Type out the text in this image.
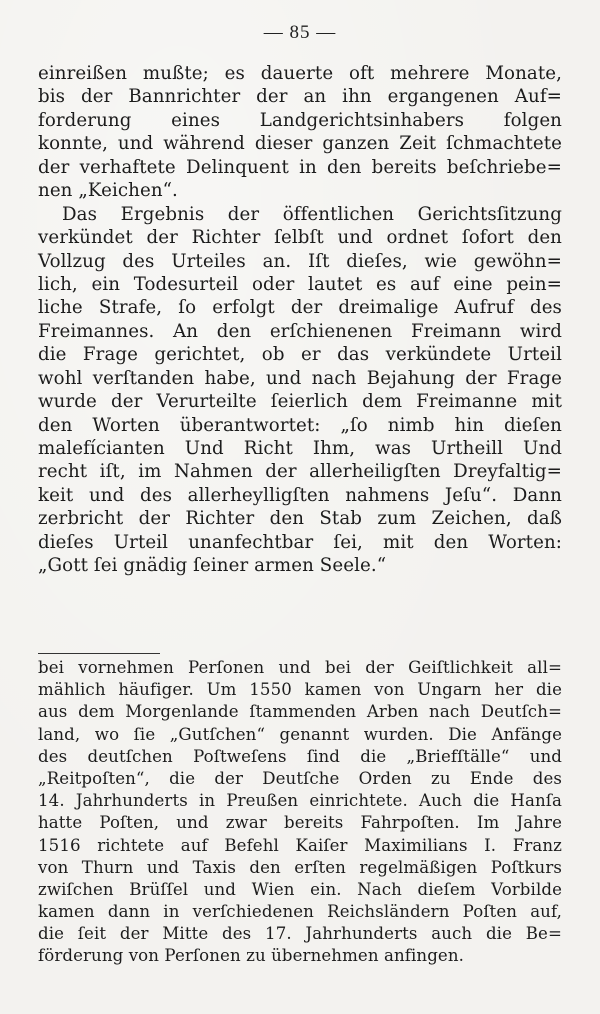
— 85 —
einreißen mußte; es dauerte oft mehrere Monate,
bis der Bannrichter der an ihn ergangenen Auf=
forderung eines Landgerichtsinhabers folgen
konnte, und während dieser ganzen Zeit ſchmachtete
der verhaftete Delinquent in den bereits beſchriebe=
nen „Keichen“.
Das Ergebnis der öffentlichen Gerichtsſitzung
verkündet der Richter ſelbſt und ordnet ſofort den
Vollzug des Urteiles an. Iſt dieſes, wie gewöhn=
lich, ein Todesurteil oder lautet es auf eine pein=
liche Strafe, ſo erfolgt der dreimalige Aufruf des
Freimannes. An den erſchienenen Freimann wird
die Frage gerichtet, ob er das verkündete Urteil
wohl verſtanden habe, und nach Bejahung der Frage
wurde der Verurteilte ſeierlich dem Freimanne mit
den Worten überantwortet: „ſo nimb hin dieſen
malefícianten Und Richt Ihm, was Urtheill Und
recht iſt, im Nahmen der allerheiligſten Dreyfaltig=
keit und des allerheylligſten nahmens Jeſu“. Dann
zerbricht der Richter den Stab zum Zeichen, daß
dieſes Urteil unanfechtbar ſei, mit den Worten:
„Gott ſei gnädig ſeiner armen Seele.“
bei vornehmen Perſonen und bei der Geiſtlichkeit all=
mählich häufiger. Um 1550 kamen von Ungarn her die
aus dem Morgenlande ſtammenden Arben nach Deutſch=
land, wo ſie „Gutſchen“ genannt wurden. Die Anfänge
des deutſchen Poſtweſens ſind die „Briefſtälle“ und
„Reitpoſten“, die der Deutſche Orden zu Ende des
14. Jahrhunderts in Preußen einrichtete. Auch die Hanſa
hatte Poſten, und zwar bereits Fahrpoſten. Im Jahre
1516 richtete auf Befehl Kaiſer Maximilians I. Franz
von Thurn und Taxis den erſten regelmäßigen Poſtkurs
zwiſchen Brüſſel und Wien ein. Nach dieſem Vorbilde
kamen dann in verſchiedenen Reichsländern Poſten auf,
die ſeit der Mitte des 17. Jahrhunderts auch die Be=
förderung von Perſonen zu übernehmen anfingen.
